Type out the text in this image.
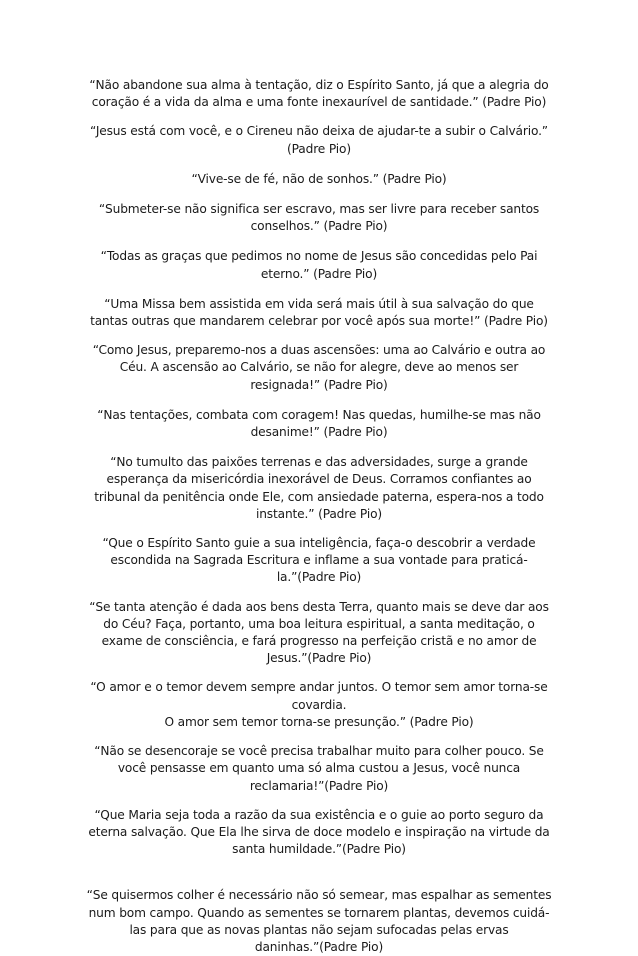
“Não abandone sua alma à tentação, diz o Espírito Santo, já que a alegria do coração é a vida da alma e uma fonte inexaurível de santidade.” (Padre Pio)

“Jesus está com você, e o Cireneu não deixa de ajudar-te a subir o Calvário.” (Padre Pio)

“Vive-se de fé, não de sonhos.” (Padre Pio)

“Submeter-se não significa ser escravo, mas ser livre para receber santos conselhos.” (Padre Pio)

“Todas as graças que pedimos no nome de Jesus são concedidas pelo Pai eterno.” (Padre Pio)

“Uma Missa bem assistida em vida será mais útil à sua salvação do que tantas outras que mandarem celebrar por você após sua morte!” (Padre Pio)

“Como Jesus, preparemo-nos a duas ascensões: uma ao Calvário e outra ao Céu. A ascensão ao Calvário, se não for alegre, deve ao menos ser resignada!” (Padre Pio)

“Nas tentações, combata com coragem! Nas quedas, humilhe-se mas não desanime!” (Padre Pio)

“No tumulto das paixões terrenas e das adversidades, surge a grande esperança da misericórdia inexorável de Deus. Corramos confiantes ao tribunal da penitência onde Ele, com ansiedade paterna, espera-nos a todo instante.” (Padre Pio)

“Que o Espírito Santo guie a sua inteligência, faça-o descobrir a verdade escondida na Sagrada Escritura e inflame a sua vontade para praticá-la.”(Padre Pio)

“Se tanta atenção é dada aos bens desta Terra, quanto mais se deve dar aos do Céu? Faça, portanto, uma boa leitura espiritual, a santa meditação, o exame de consciência, e fará progresso na perfeição cristã e no amor de Jesus.”(Padre Pio)

“O amor e o temor devem sempre andar juntos. O temor sem amor torna-se covardia.
O amor sem temor torna-se presunção.” (Padre Pio)

“Não se desencoraje se você precisa trabalhar muito para colher pouco. Se você pensasse em quanto uma só alma custou a Jesus, você nunca reclamaria!”(Padre Pio)

“Que Maria seja toda a razão da sua existência e o guie ao porto seguro da eterna salvação. Que Ela lhe sirva de doce modelo e inspiração na virtude da
santa humildade.”(Padre Pio)

“Se quisermos colher é necessário não só semear, mas espalhar as sementes num bom campo. Quando as sementes se tornarem plantas, devemos cuidá-las para que as novas plantas não sejam sufocadas pelas ervas daninhas.”(Padre Pio)
